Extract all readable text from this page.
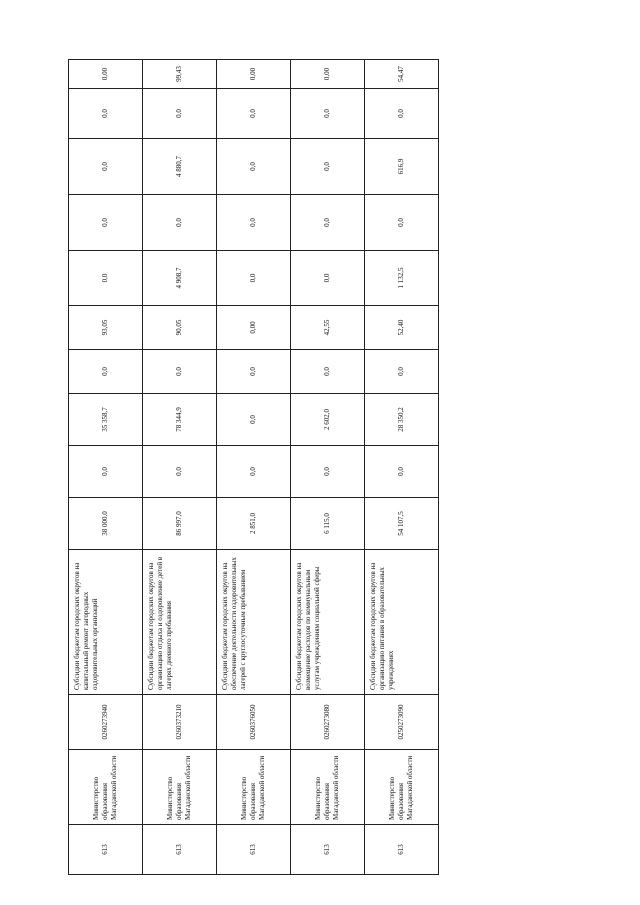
613	Министерство образования Магаданской области	0260273940	Субсидии бюджетам городских округов на капитальный ремонт загородных оздоровительных организаций	38 000,0	0,0	35 358,7	0,0	93,05	0,0	0,0	0,0	0,0	0,00
613	Министерство образования Магаданской области	0260373210	Субсидии бюджетам городских округов на организацию отдыха и оздоровление детей в лагерях дневного пребывания	86 997,0	0,0	78 344,9	0,0	90,05	4 908,7	0,0	4 880,7	0,0	99,43
613	Министерство образования Магаданской области	0260376050	Субсидии бюджетам городских округов на обеспечение деятельности оздоровительных лагерей с круглосуточным пребыванием	2 851,0	0,0	0,0	0,0	0,00	0,0	0,0	0,0	0,0	0,00
613	Министерство образования Магаданской области	0260273080	Субсидии бюджетам городских округов на возмещение расходов по коммунальным услугам учреждениям социальной сферы	6 115,0	0,0	2 602,0	0,0	42,55	0,0	0,0	0,0	0,0	0,00
613	Министерство образования Магаданской области	0250273090	Субсидии бюджетам городских округов на организацию питания в образовательных учреждениях	54 107,5	0,0	28 350,2	0,0	52,40	1 132,5	0,0	616,9	0,0	54,47
